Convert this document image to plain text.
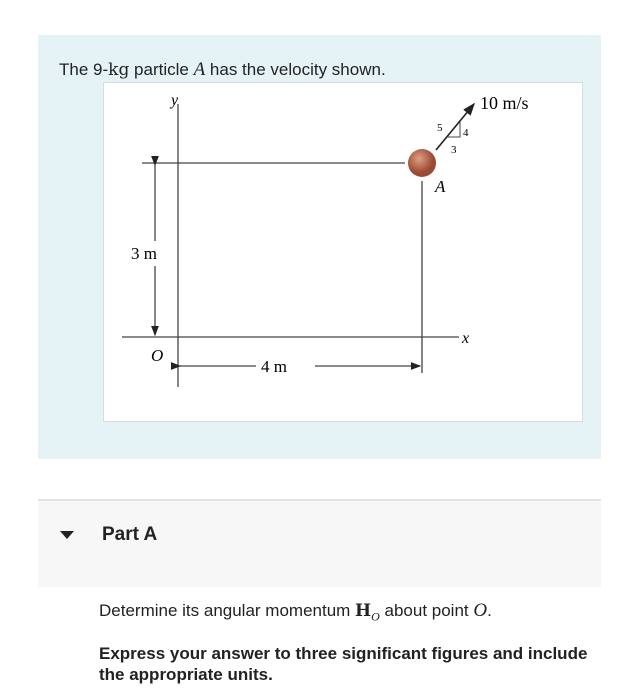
The 9-kg particle A has the velocity shown.
y
x
O
A
10 m/s
3 m
4 m
5 4
3
Part A
Determine its angular momentum $H_O$ about point O.
Express your answer to three significant figures and include the appropriate units.
